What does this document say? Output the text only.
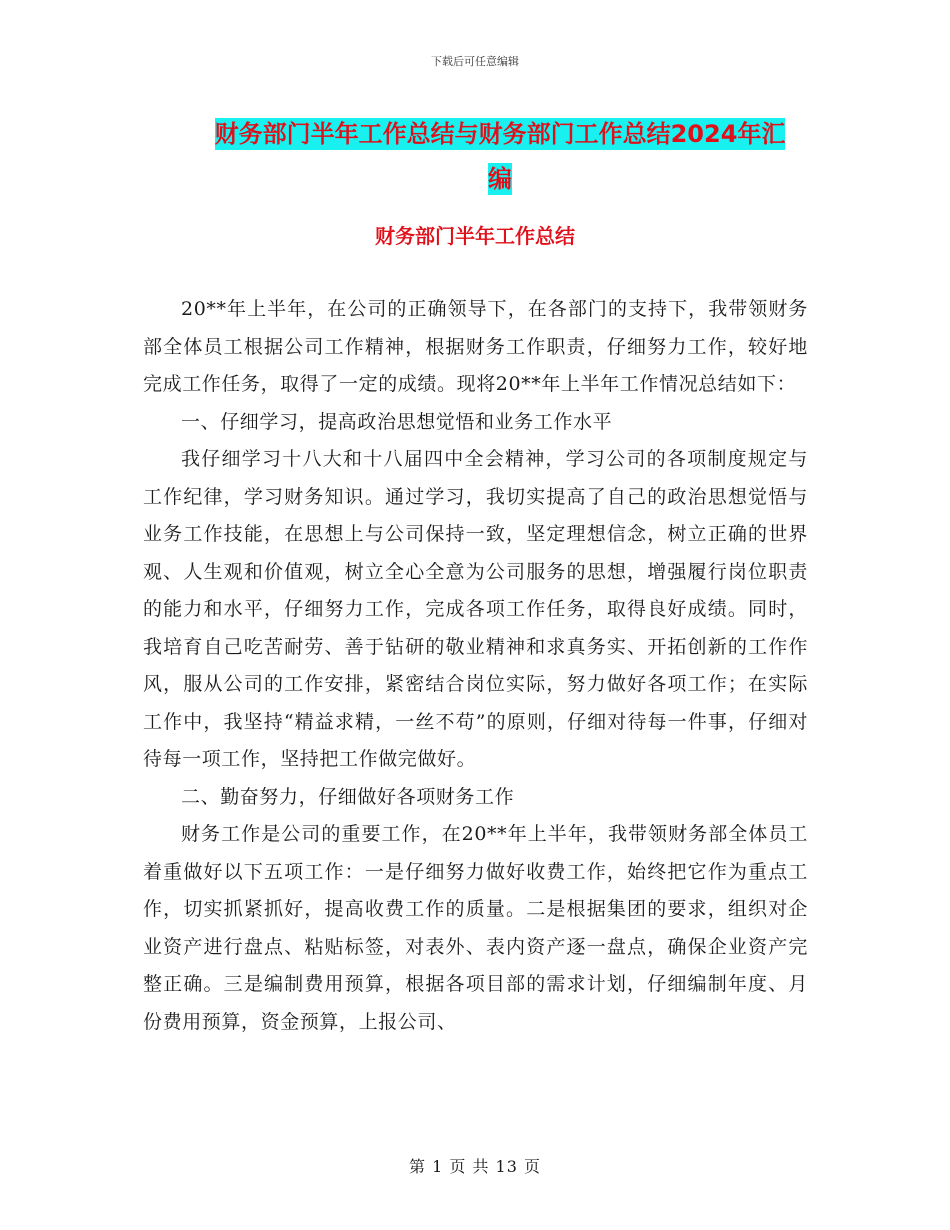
下载后可任意编辑
财务部门半年工作总结与财务部门工作总结2024年汇
编
财务部门半年工作总结

20**年上半年，在公司的正确领导下，在各部门的支持下，我带领财务部全体员工根据公司工作精神，根据财务工作职责，仔细努力工作，较好地完成工作任务，取得了一定的成绩。现将20**年上半年工作情况总结如下：

一、仔细学习，提高政治思想觉悟和业务工作水平

我仔细学习十八大和十八届四中全会精神，学习公司的各项制度规定与工作纪律，学习财务知识。通过学习，我切实提高了自己的政治思想觉悟与业务工作技能，在思想上与公司保持一致，坚定理想信念，树立正确的世界观、人生观和价值观，树立全心全意为公司服务的思想，增强履行岗位职责的能力和水平，仔细努力工作，完成各项工作任务，取得良好成绩。同时，我培育自己吃苦耐劳、善于钻研的敬业精神和求真务实、开拓创新的工作作风，服从公司的工作安排，紧密结合岗位实际，努力做好各项工作；在实际工作中，我坚持“精益求精，一丝不苟”的原则，仔细对待每一件事，仔细对待每一项工作，坚持把工作做完做好。

二、勤奋努力，仔细做好各项财务工作

财务工作是公司的重要工作，在20**年上半年，我带领财务部全体员工着重做好以下五项工作：一是仔细努力做好收费工作，始终把它作为重点工作，切实抓紧抓好，提高收费工作的质量。二是根据集团的要求，组织对企业资产进行盘点、粘贴标签，对表外、表内资产逐一盘点，确保企业资产完整正确。三是编制费用预算，根据各项目部的需求计划，仔细编制年度、月份费用预算，资金预算，上报公司、

第 1 页 共 13 页
